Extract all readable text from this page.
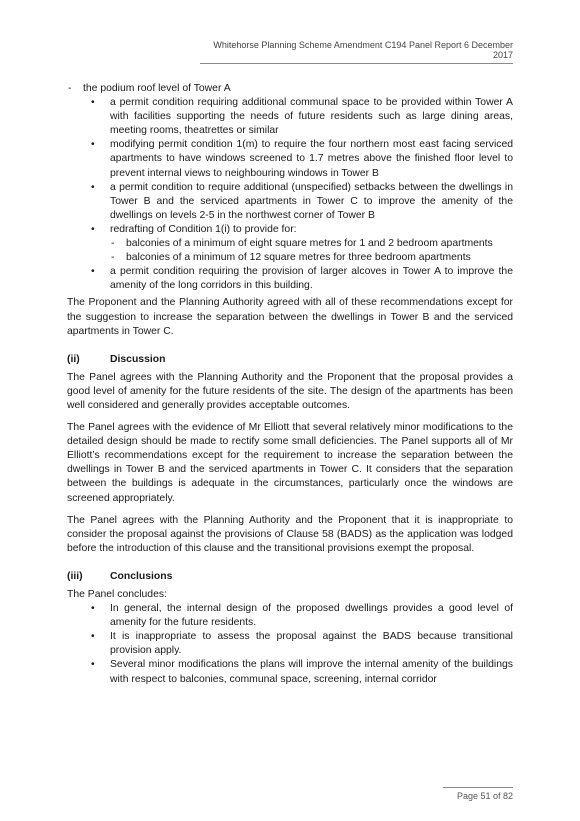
Whitehorse Planning Scheme Amendment C194 Panel Report 6 December 2017
- the podium roof level of Tower A
• a permit condition requiring additional communal space to be provided within Tower A with facilities supporting the needs of future residents such as large dining areas, meeting rooms, theatrettes or similar
• modifying permit condition 1(m) to require the four northern most east facing serviced apartments to have windows screened to 1.7 metres above the finished floor level to prevent internal views to neighbouring windows in Tower B
• a permit condition to require additional (unspecified) setbacks between the dwellings in Tower B and the serviced apartments in Tower C to improve the amenity of the dwellings on levels 2-5 in the northwest corner of Tower B
• redrafting of Condition 1(i) to provide for:
- balconies of a minimum of eight square metres for 1 and 2 bedroom apartments
- balconies of a minimum of 12 square metres for three bedroom apartments
• a permit condition requiring the provision of larger alcoves in Tower A to improve the amenity of the long corridors in this building.

The Proponent and the Planning Authority agreed with all of these recommendations except for the suggestion to increase the separation between the dwellings in Tower B and the serviced apartments in Tower C.

(ii)	Discussion

The Panel agrees with the Planning Authority and the Proponent that the proposal provides a good level of amenity for the future residents of the site. The design of the apartments has been well considered and generally provides acceptable outcomes.

The Panel agrees with the evidence of Mr Elliott that several relatively minor modifications to the detailed design should be made to rectify some small deficiencies. The Panel supports all of Mr Elliott’s recommendations except for the requirement to increase the separation between the dwellings in Tower B and the serviced apartments in Tower C. It considers that the separation between the buildings is adequate in the circumstances, particularly once the windows are screened appropriately.

The Panel agrees with the Planning Authority and the Proponent that it is inappropriate to consider the proposal against the provisions of Clause 58 (BADS) as the application was lodged before the introduction of this clause and the transitional provisions exempt the proposal.

(iii)	Conclusions

The Panel concludes:

• In general, the internal design of the proposed dwellings provides a good level of amenity for the future residents.
• It is inappropriate to assess the proposal against the BADS because transitional provision apply.
• Several minor modifications the plans will improve the internal amenity of the buildings with respect to balconies, communal space, screening, internal corridor
Page 51 of 82
